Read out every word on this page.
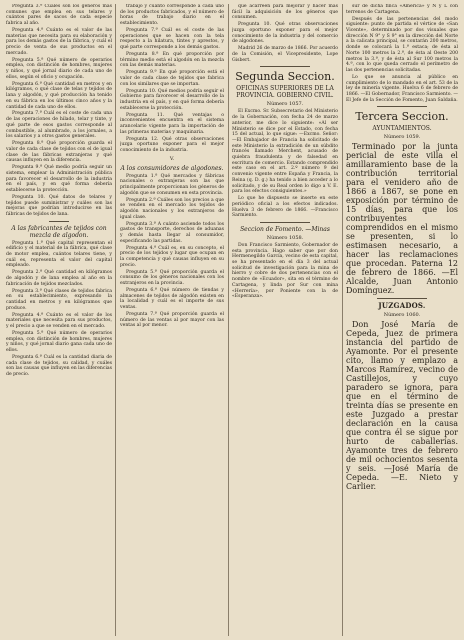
Pregunta 3.ª Cuáles son los géneros más comunes que emplea en sus telares y cuántos pares de sacos de cada especie fabrica al año.

Pregunta 4.ª Cuánto es el valor de las materias que necesita para su elaboración y para los demás gastos de la fábrica, y cuál el precio de venta de sus productos en el mercado.

Pregunta 5.ª Qué número de operarios emplea, con distinción de hombres, mujeres y niños, y qué jornal diario de cada uno de ellos, según el oficio y ocupación.

Pregunta 6.ª Qué cantidad en metros y en kilógramos, o qué clase de telas y tejidos de lana y algodón, y qué producción ha tenido en su fábrica en los últimos cinco años y la cantidad de cada uno de ellos.

Pregunta 7.ª Cuál es el coste de cada una de las operaciones de hilado, telar y tinte, y qué parte de esos gastos corresponde al combustible, al alumbrado, a los jornales, a los salarios y a otros gastos generales.

Pregunta 8.ª Qué proporción guarda el valor de cada clase de tejidos con el de igual clase de las fábricas extranjeras y qué causas influyen en la diferencia.

Pregunta 9.ª Qué medio podría seguir un sistema, emplear la Administración pública para favorecer el desarrollo de la industria en el país, y en qué forma debería establecerse la protección.

Pregunta 10. Qué datos de telares y tejidos puede suministrar y cuáles son las mejoras que podrían introducirse en las fábricas de tejidos de lana.

A las fabricantes de tejidos con mezcla de algodon.

Pregunta 1.ª Qué capital representan el edificio y el material de la fábrica, qué clase de motor emplea, cuántos telares tiene, y cuál es, representa el valor del capital empleado.

Pregunta 2.ª Qué cantidad en kilógramos de algodón y de lana emplea al año en la fabricación de tejidos mezclados.

Pregunta 3.ª Qué clases de tejidos fabrica en su establecimiento, expresando la cantidad en metros y en kilógramos que produce.

Pregunta 4.ª Cuánto es el valor de los materiales que necesita para sus productos, y el precio a que se venden en el mercado.

Pregunta 5.ª Qué número de operarios emplea, con distinción de hombres, mujeres y niños, y qué jornal diario gana cada uno de ellos.

Pregunta 6.ª Cuál es la cantidad diaria de cada clase de tejidos, su calidad, y cuáles son las causas que influyen en las diferencias de precio.

trabajo y cuánto corresponde a cada uno de los productos fabricados, y el número de horas de trabajo diario en el establecimiento.

Pregunta 7.ª Cuál es el coste de las operaciones que se hacen con la tela respecto a la hilatura, tintes y aprestos, y qué parte corresponde a los demás gastos.

Pregunta 8.ª En qué proporción por término medio está el algodón en la mezcla con las demás materias.

Pregunta 9.ª En qué proporción está el valor de cada clase de tejidos que fabrica con los similares que se importan.

Pregunta 10. Qué medios podría seguir el Gobierno para favorecer el desarrollo de la industria en el país, y en qué forma debería establecerse la protección.

Pregunta 11. Qué ventajas o inconvenientes encuentra en el sistema arancelario vigente para la importación de las primeras materias y maquinaria.

Pregunta 12. Qué otras observaciones juzga oportuno exponer para el mejor conocimiento de la industria.

V.
A los consumidores de algodones.

Pregunta 1.ª Qué mercados y fábricas nacionales o extranjeras son las que principalmente proporcionan los géneros de algodón que se consumen en esta provincia.

Pregunta 2.ª Cuáles son los precios a que se venden en el mercado los tejidos de algodón nacionales y los extranjeros de igual clase.

Pregunta 3.ª A cuánto asciende todos los gastos de transporte, derechos de aduanas y demás hasta llegar al consumidor, especificando las partidas.

Pregunta 4.ª Cuál es, en su concepto, el precio de los tejidos y lugar que ocupan en la competencia y qué causas influyen en su precio.

Pregunta 5.ª Qué proporción guarda el consumo de los géneros nacionales con los extranjeros en la provincia.

Pregunta 6.ª Qué número de tiendas y almacenes de tejidos de algodón existen en la localidad y cuál es el importe de sus ventas.

Pregunta 7.ª Qué proporción guarda el número de las ventas al por mayor con las ventas al por menor.

que acarreen para mejorar y hacer más fácil la adquisición de los géneros que consumen.

Pregunta 10. Qué otras observaciones juzga oportuno exponer para el mejor conocimiento de la industria y del comercio de algodones.

Madrid 26 de marzo de 1866. Por acuerdo de la Comisión, el Vicepresidente, Lope Gisbert.

Segunda Seccion.
OFICINAS SUPERIORES DE LA PROVINCIA. GOBIERNO CIVIL.
Número 1057.

El Excmo. Sr. Subsecretario del Ministerio de la Gobernación, con fecha 24 de marzo anterior, me dice lo siguiente: «Al ser Ministerio se dice por el Estado, con fecha 15 del actual, lo que sigue: —Excmo. Señor: —El Embajador de Francia ha solicitado de este Ministerio la extradición de un súbdito francés llamado Merchent, acusado de quiebra fraudulenta y de falsedad en escritura de comercio. Estando comprendido este caso en el art. 2.º número 9 del convenio vigente entre España y Francia, la Reina (q. D. g.) ha tenido a bien acceder a lo solicitado, y de su Real orden lo digo a V. E. para los efectos consiguientes.»

Lo que he dispuesto se inserte en este periódico oficial a los efectos indicados. Huelva 3 de febrero de 1866. —Francisco Sarmiento.

Seccion de Fomento. —Minas
Número 1058.

Don Francisco Sarmiento, Gobernador de esta provincia. Hago saber que por don Hermenegildo García, vecino de esta capital, se ha presentado en el día 3 del actual solicitud de investigación para la mina de hierro y cobre de dos pertenencias con el nombre de «Ecuador», sita en el término de Cartagena, y linda por Sur con mina «Herrería», por Poniente con la de «Esperanza».

sur de dicha finca «América» y N y L con terrenos de Cartagena.

Después de las pertenencias del modo siguiente: punto de partida el vértice de «San Vicente», determinado por dos visuales que dirección N 9° y S 9° en la dirección del Norte a la calicata principal, se contarán 200 metros, donde se colocará la 1.ª estaca; de ésta al Norte 100 metros la 2.ª, de ésta al Oeste 200 metros la 3.ª, y de ésta al Sur 100 metros la 4.ª, con lo que queda cerrado el perímetro de las dos pertenencias solicitadas.

Lo que se anuncia al público en cumplimiento de lo mandado en el art. 53 de la ley de minería vigente. Huelva 6 de febrero de 1866. —El Gobernador, Francisco Sarmiento. —El Jefe de la Sección de Fomento, Juan Saldaña.

Tercera Seccion.
AYUNTAMIENTOS.
Número 1059.

Terminado por la junta pericial de este villa el amillaramiento base de la contribución territorial para el venidero año de 1866 a 1867, se pone en exposición por término de 15 días, para que los contribuyentes comprendidos en el mismo se presenten, si lo estimasen necesario, a hacer las reclamaciones que procedan. Paterna 12 de febrero de 1866. —El Alcalde, Juan Antonio Domínguez.

JUZGADOS.
Número 1060.

Don José María de Cepeda, Juez de primera instancia del partido de Ayamonte. Por el presente cito, llamo y emplazo a Marcos Ramírez, vecino de Castillejos, y cuyo paradero se ignora, para que en el término de treinta días se presente en este Juzgado a prestar declaración en la causa que contra él se sigue por hurto de caballerías. Ayamonte tres de febrero de mil ochocientos sesenta y seis. —José María de Cepeda. —E. Nieto y Carlier.
